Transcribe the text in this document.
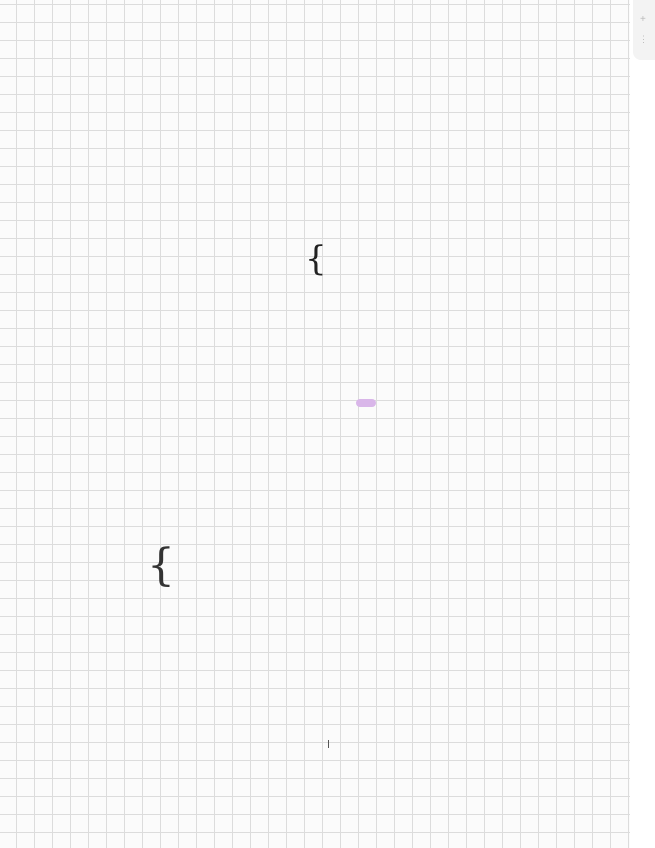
{
{
+
⋮
